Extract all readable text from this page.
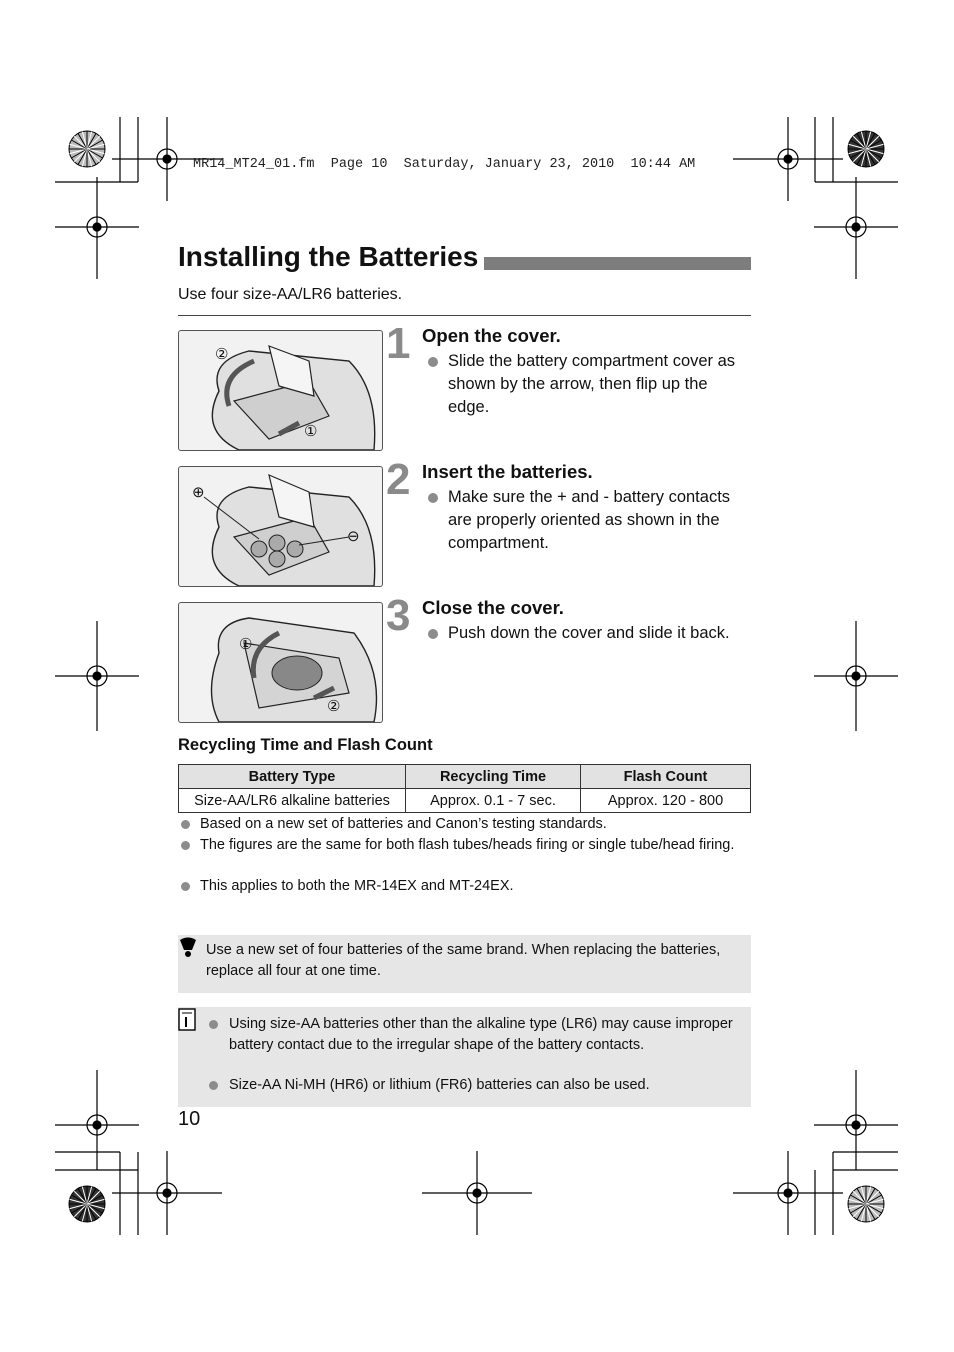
MR14_MT24_01.fm  Page 10  Saturday, January 23, 2010  10:44 AM
Installing the Batteries
Use four size-AA/LR6 batteries.
②
①
1 Open the cover.
Slide the battery compartment cover as shown by the arrow, then flip up the edge.
⊕
⊖
2 Insert the batteries.
Make sure the + and - battery contacts are properly oriented as shown in the compartment.
①
②
3 Close the cover.
Push down the cover and slide it back.
Recycling Time and Flash Count
Battery Type	Recycling Time	Flash Count
Size-AA/LR6 alkaline batteries	Approx. 0.1 - 7 sec.	Approx. 120 - 800
Based on a new set of batteries and Canon’s testing standards.
The figures are the same for both flash tubes/heads firing or single tube/head firing.
This applies to both the MR-14EX and MT-24EX.
Use a new set of four batteries of the same brand. When replacing the batteries, replace all four at one time.
Using size-AA batteries other than the alkaline type (LR6) may cause improper battery contact due to the irregular shape of the battery contacts.
Size-AA Ni-MH (HR6) or lithium (FR6) batteries can also be used.
10
